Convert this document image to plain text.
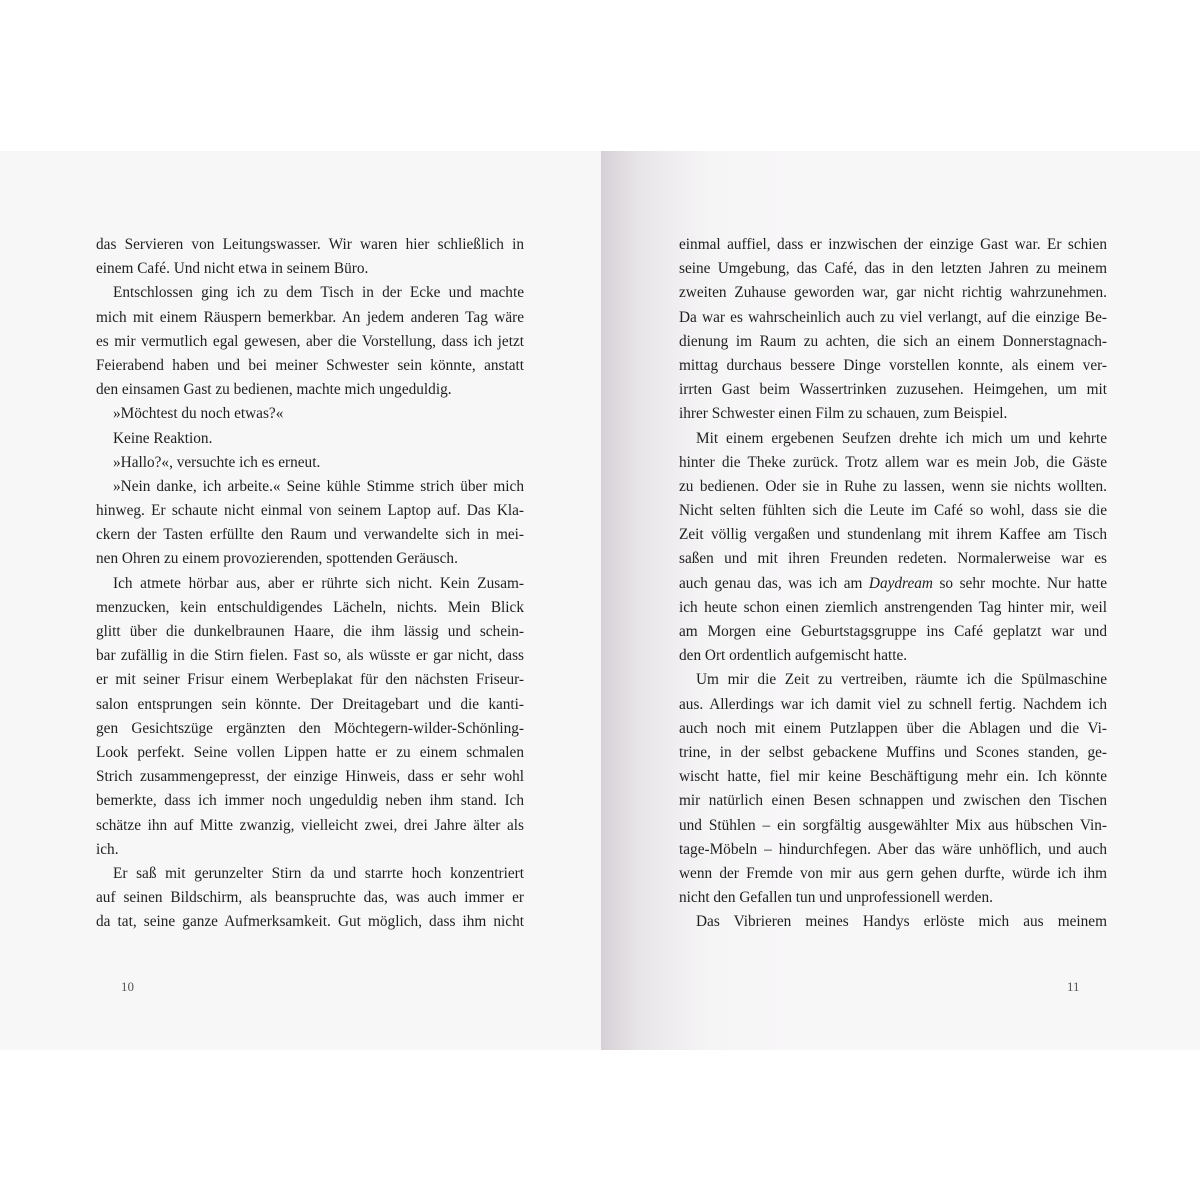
das Servieren von Leitungswasser. Wir waren hier schließlich in
einem Café. Und nicht etwa in seinem Büro.
Entschlossen ging ich zu dem Tisch in der Ecke und machte
mich mit einem Räuspern bemerkbar. An jedem anderen Tag wäre
es mir vermutlich egal gewesen, aber die Vorstellung, dass ich jetzt
Feierabend haben und bei meiner Schwester sein könnte, anstatt
den einsamen Gast zu bedienen, machte mich ungeduldig.
»Möchtest du noch etwas?«
Keine Reaktion.
»Hallo?«, versuchte ich es erneut.
»Nein danke, ich arbeite.« Seine kühle Stimme strich über mich
hinweg. Er schaute nicht einmal von seinem Laptop auf. Das Kla-
ckern der Tasten erfüllte den Raum und verwandelte sich in mei-
nen Ohren zu einem provozierenden, spottenden Geräusch.
Ich atmete hörbar aus, aber er rührte sich nicht. Kein Zusam-
menzucken, kein entschuldigendes Lächeln, nichts. Mein Blick
glitt über die dunkelbraunen Haare, die ihm lässig und schein-
bar zufällig in die Stirn fielen. Fast so, als wüsste er gar nicht, dass
er mit seiner Frisur einem Werbeplakat für den nächsten Friseur-
salon entsprungen sein könnte. Der Dreitagebart und die kanti-
gen Gesichtszüge ergänzten den Möchtegern-wilder-Schönling-
Look perfekt. Seine vollen Lippen hatte er zu einem schmalen
Strich zusammengepresst, der einzige Hinweis, dass er sehr wohl
bemerkte, dass ich immer noch ungeduldig neben ihm stand. Ich
schätze ihn auf Mitte zwanzig, vielleicht zwei, drei Jahre älter als
ich.
Er saß mit gerunzelter Stirn da und starrte hoch konzentriert
auf seinen Bildschirm, als beanspruchte das, was auch immer er
da tat, seine ganze Aufmerksamkeit. Gut möglich, dass ihm nicht
10
einmal auffiel, dass er inzwischen der einzige Gast war. Er schien
seine Umgebung, das Café, das in den letzten Jahren zu meinem
zweiten Zuhause geworden war, gar nicht richtig wahrzunehmen.
Da war es wahrscheinlich auch zu viel verlangt, auf die einzige Be-
dienung im Raum zu achten, die sich an einem Donnerstagnach-
mittag durchaus bessere Dinge vorstellen konnte, als einem ver-
irrten Gast beim Wassertrinken zuzusehen. Heimgehen, um mit
ihrer Schwester einen Film zu schauen, zum Beispiel.
Mit einem ergebenen Seufzen drehte ich mich um und kehrte
hinter die Theke zurück. Trotz allem war es mein Job, die Gäste
zu bedienen. Oder sie in Ruhe zu lassen, wenn sie nichts wollten.
Nicht selten fühlten sich die Leute im Café so wohl, dass sie die
Zeit völlig vergaßen und stundenlang mit ihrem Kaffee am Tisch
saßen und mit ihren Freunden redeten. Normalerweise war es
auch genau das, was ich am Daydream so sehr mochte. Nur hatte
ich heute schon einen ziemlich anstrengenden Tag hinter mir, weil
am Morgen eine Geburtstagsgruppe ins Café geplatzt war und
den Ort ordentlich aufgemischt hatte.
Um mir die Zeit zu vertreiben, räumte ich die Spülmaschine
aus. Allerdings war ich damit viel zu schnell fertig. Nachdem ich
auch noch mit einem Putzlappen über die Ablagen und die Vi-
trine, in der selbst gebackene Muffins und Scones standen, ge-
wischt hatte, fiel mir keine Beschäftigung mehr ein. Ich könnte
mir natürlich einen Besen schnappen und zwischen den Tischen
und Stühlen – ein sorgfältig ausgewählter Mix aus hübschen Vin-
tage-Möbeln – hindurchfegen. Aber das wäre unhöflich, und auch
wenn der Fremde von mir aus gern gehen durfte, würde ich ihm
nicht den Gefallen tun und unprofessionell werden.
Das Vibrieren meines Handys erlöste mich aus meinem
11
